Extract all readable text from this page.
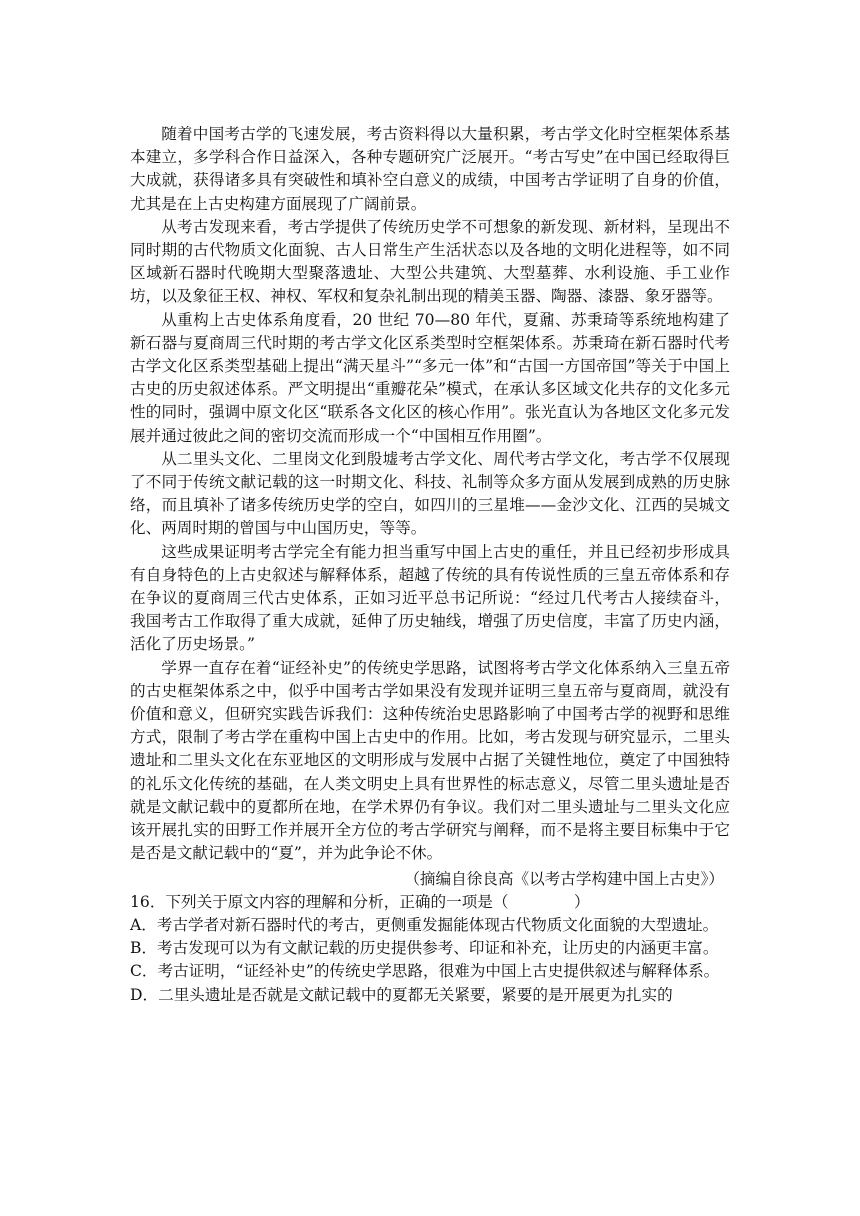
随着中国考古学的飞速发展，考古资料得以大量积累，考古学文化时空框架体系基本建立，多学科合作日益深入，各种专题研究广泛展开。“考古写史”在中国已经取得巨大成就，获得诸多具有突破性和填补空白意义的成绩，中国考古学证明了自身的价值，尤其是在上古史构建方面展现了广阔前景。

从考古发现来看，考古学提供了传统历史学不可想象的新发现、新材料，呈现出不同时期的古代物质文化面貌、古人日常生产生活状态以及各地的文明化进程等，如不同区域新石器时代晚期大型聚落遗址、大型公共建筑、大型墓葬、水利设施、手工业作坊，以及象征王权、神权、军权和复杂礼制出现的精美玉器、陶器、漆器、象牙器等。

从重构上古史体系角度看，20 世纪 70—80 年代，夏鼐、苏秉琦等系统地构建了新石器与夏商周三代时期的考古学文化区系类型时空框架体系。苏秉琦在新石器时代考古学文化区系类型基础上提出“满天星斗”“多元一体”和“古国一方国帝国”等关于中国上古史的历史叙述体系。严文明提出“重瓣花朵”模式，在承认多区域文化共存的文化多元性的同时，强调中原文化区“联系各文化区的核心作用”。张光直认为各地区文化多元发展并通过彼此之间的密切交流而形成一个“中国相互作用圈”。

从二里头文化、二里岗文化到殷墟考古学文化、周代考古学文化，考古学不仅展现了不同于传统文献记载的这一时期文化、科技、礼制等众多方面从发展到成熟的历史脉络，而且填补了诸多传统历史学的空白，如四川的三星堆——金沙文化、江西的吴城文化、两周时期的曾国与中山国历史，等等。

这些成果证明考古学完全有能力担当重写中国上古史的重任，并且已经初步形成具有自身特色的上古史叙述与解释体系，超越了传统的具有传说性质的三皇五帝体系和存在争议的夏商周三代古史体系，正如习近平总书记所说：“经过几代考古人接续奋斗，我国考古工作取得了重大成就，延伸了历史轴线，增强了历史信度，丰富了历史内涵，活化了历史场景。”

学界一直存在着“证经补史”的传统史学思路，试图将考古学文化体系纳入三皇五帝的古史框架体系之中，似乎中国考古学如果没有发现并证明三皇五帝与夏商周，就没有价值和意义，但研究实践告诉我们：这种传统治史思路影响了中国考古学的视野和思维方式，限制了考古学在重构中国上古史中的作用。比如，考古发现与研究显示，二里头遗址和二里头文化在东亚地区的文明形成与发展中占据了关键性地位，奠定了中国独特的礼乐文化传统的基础，在人类文明史上具有世界性的标志意义，尽管二里头遗址是否就是文献记载中的夏都所在地，在学术界仍有争议。我们对二里头遗址与二里头文化应该开展扎实的田野工作并展开全方位的考古学研究与阐释，而不是将主要目标集中于它是否是文献记载中的“夏”，并为此争论不休。

（摘编自徐良高《以考古学构建中国上古史》）

16．下列关于原文内容的理解和分析，正确的一项是（	）

A．考古学者对新石器时代的考古，更侧重发掘能体现古代物质文化面貌的大型遗址。

B．考古发现可以为有文献记载的历史提供参考、印证和补充，让历史的内涵更丰富。

C．考古证明，“证经补史”的传统史学思路，很难为中国上古史提供叙述与解释体系。

D．二里头遗址是否就是文献记载中的夏都无关紧要，紧要的是开展更为扎实的
